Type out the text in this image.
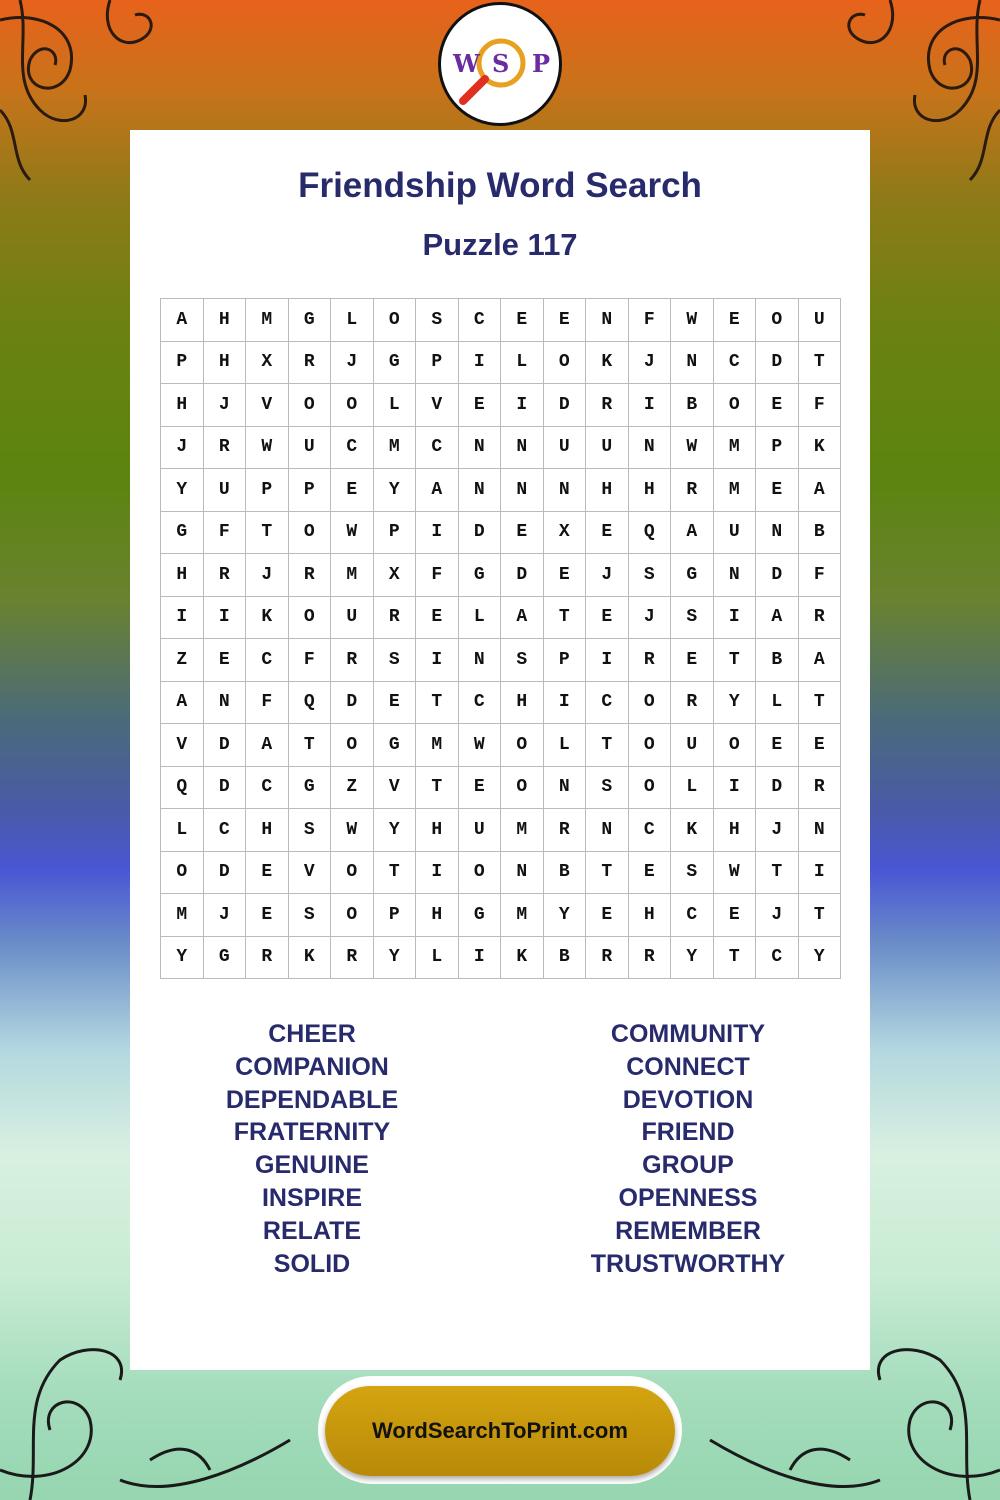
W S P
Friendship Word Search
Puzzle 117
A	H	M	G	L	O	S	C	E	E	N	F	W	E	O	U
P	H	X	R	J	G	P	I	L	O	K	J	N	C	D	T
H	J	V	O	O	L	V	E	I	D	R	I	B	O	E	F
J	R	W	U	C	M	C	N	N	U	U	N	W	M	P	K
Y	U	P	P	E	Y	A	N	N	N	H	H	R	M	E	A
G	F	T	O	W	P	I	D	E	X	E	Q	A	U	N	B
H	R	J	R	M	X	F	G	D	E	J	S	G	N	D	F
I	I	K	O	U	R	E	L	A	T	E	J	S	I	A	R
Z	E	C	F	R	S	I	N	S	P	I	R	E	T	B	A
A	N	F	Q	D	E	T	C	H	I	C	O	R	Y	L	T
V	D	A	T	O	G	M	W	O	L	T	O	U	O	E	E
Q	D	C	G	Z	V	T	E	O	N	S	O	L	I	D	R
L	C	H	S	W	Y	H	U	M	R	N	C	K	H	J	N
O	D	E	V	O	T	I	O	N	B	T	E	S	W	T	I
M	J	E	S	O	P	H	G	M	Y	E	H	C	E	J	T
Y	G	R	K	R	Y	L	I	K	B	R	R	Y	T	C	Y
CHEER
COMPANION
DEPENDABLE
FRATERNITY
GENUINE
INSPIRE
RELATE
SOLID
COMMUNITY
CONNECT
DEVOTION
FRIEND
GROUP
OPENNESS
REMEMBER
TRUSTWORTHY
WordSearchToPrint.com
